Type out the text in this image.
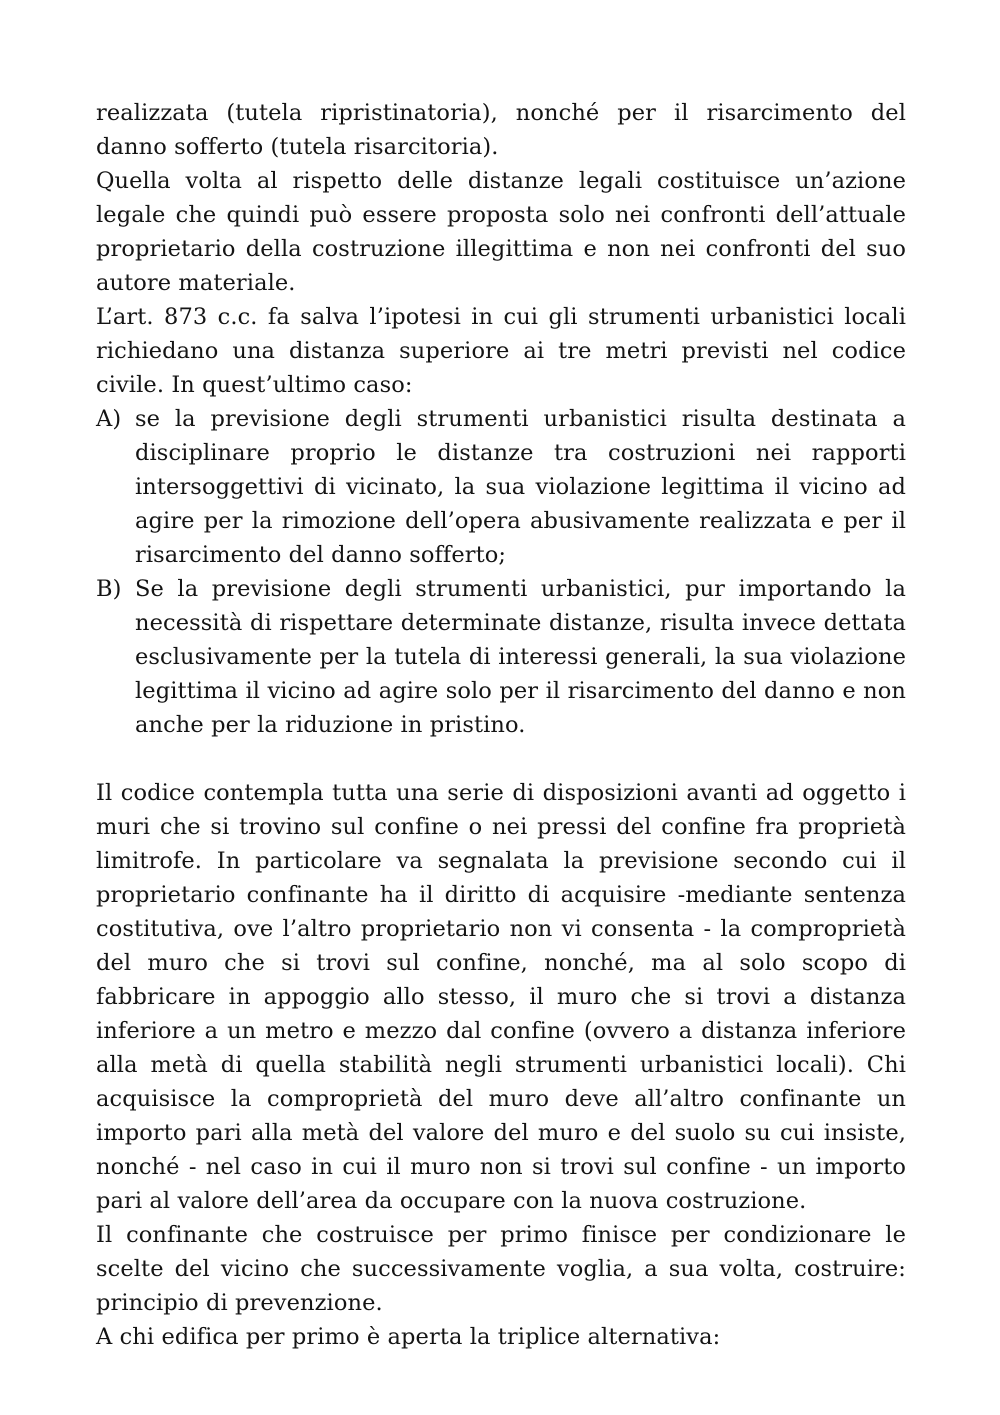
realizzata (tutela ripristinatoria), nonché per il risarcimento del danno sofferto (tutela risarcitoria).

Quella volta al rispetto delle distanze legali costituisce un’azione legale che quindi può essere proposta solo nei confronti dell’attuale proprietario della costruzione illegittima e non nei confronti del suo autore materiale.

L’art. 873 c.c. fa salva l’ipotesi in cui gli strumenti urbanistici locali richiedano una distanza superiore ai tre metri previsti nel codice civile. In quest’ultimo caso:

A) se la previsione degli strumenti urbanistici risulta destinata a disciplinare proprio le distanze tra costruzioni nei rapporti intersoggettivi di vicinato, la sua violazione legittima il vicino ad agire per la rimozione dell’opera abusivamente realizzata e per il risarcimento del danno sofferto;
B) Se la previsione degli strumenti urbanistici, pur importando la necessità di rispettare determinate distanze, risulta invece dettata esclusivamente per la tutela di interessi generali, la sua violazione legittima il vicino ad agire solo per il risarcimento del danno e non anche per la riduzione in pristino.

Il codice contempla tutta una serie di disposizioni avanti ad oggetto i muri che si trovino sul confine o nei pressi del confine fra proprietà limitrofe. In particolare va segnalata la previsione secondo cui il proprietario confinante ha il diritto di acquisire -mediante sentenza costitutiva, ove l’altro proprietario non vi consenta - la comproprietà del muro che si trovi sul confine, nonché, ma al solo scopo di fabbricare in appoggio allo stesso, il muro che si trovi a distanza inferiore a un metro e mezzo dal confine (ovvero a distanza inferiore alla metà di quella stabilità negli strumenti urbanistici locali). Chi acquisisce la comproprietà del muro deve all’altro confinante un importo pari alla metà del valore del muro e del suolo su cui insiste, nonché - nel caso in cui il muro non si trovi sul confine - un importo pari al valore dell’area da occupare con la nuova costruzione.

Il confinante che costruisce per primo finisce per condizionare le scelte del vicino che successivamente voglia, a sua volta, costruire: principio di prevenzione.

A chi edifica per primo è aperta la triplice alternativa:
